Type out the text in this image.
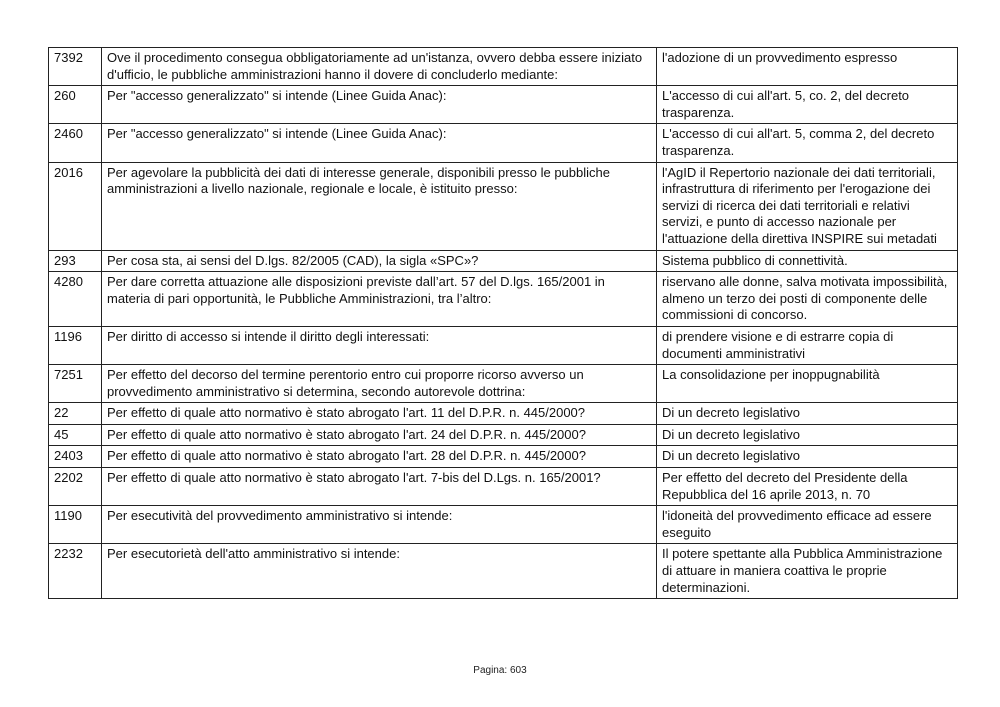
7392	Ove il procedimento consegua obbligatoriamente ad un'istanza, ovvero debba essere iniziato d'ufficio, le pubbliche amministrazioni hanno il dovere di concluderlo mediante:	l'adozione di un provvedimento espresso
260	Per "accesso generalizzato" si intende (Linee Guida Anac):	L'accesso di cui all'art. 5, co. 2, del decreto trasparenza.
2460	Per "accesso generalizzato" si intende (Linee Guida Anac):	L'accesso di cui all'art. 5, comma 2, del decreto trasparenza.
2016	Per agevolare la pubblicità dei dati di interesse generale, disponibili presso le pubbliche amministrazioni a livello nazionale, regionale e locale, è istituito presso:	l'AgID il Repertorio nazionale dei dati territoriali, infrastruttura di riferimento per l'erogazione dei servizi di ricerca dei dati territoriali e relativi servizi, e punto di accesso nazionale per l'attuazione della direttiva INSPIRE sui metadati
293	Per cosa sta, ai sensi del D.lgs. 82/2005 (CAD), la sigla «SPC»?	Sistema pubblico di connettività.
4280	Per dare corretta attuazione alle disposizioni previste dall’art. 57 del D.lgs. 165/2001 in materia di pari opportunità, le Pubbliche Amministrazioni, tra l’altro:	riservano alle donne, salva motivata impossibilità, almeno un terzo dei posti di componente delle commissioni di concorso.
1196	Per diritto di accesso si intende il diritto degli interessati:	di prendere visione e di estrarre copia di documenti amministrativi
7251	Per effetto del decorso del termine perentorio entro cui proporre ricorso avverso un provvedimento amministrativo si determina, secondo autorevole dottrina:	La consolidazione per inoppugnabilità
22	Per effetto di quale atto normativo è stato abrogato l'art. 11 del D.P.R. n. 445/2000?	Di un decreto legislativo
45	Per effetto di quale atto normativo è stato abrogato l'art. 24 del D.P.R. n. 445/2000?	Di un decreto legislativo
2403	Per effetto di quale atto normativo è stato abrogato l'art. 28 del D.P.R. n. 445/2000?	Di un decreto legislativo
2202	Per effetto di quale atto normativo è stato abrogato l'art. 7-bis del D.Lgs. n. 165/2001?	Per effetto del decreto del Presidente della Repubblica del 16 aprile 2013, n. 70
1190	Per esecutività del provvedimento amministrativo si intende:	l'idoneità del provvedimento efficace ad essere eseguito
2232	Per esecutorietà dell'atto amministrativo si intende:	Il potere spettante alla Pubblica Amministrazione di attuare in maniera coattiva le proprie determinazioni.
Pagina: 603
